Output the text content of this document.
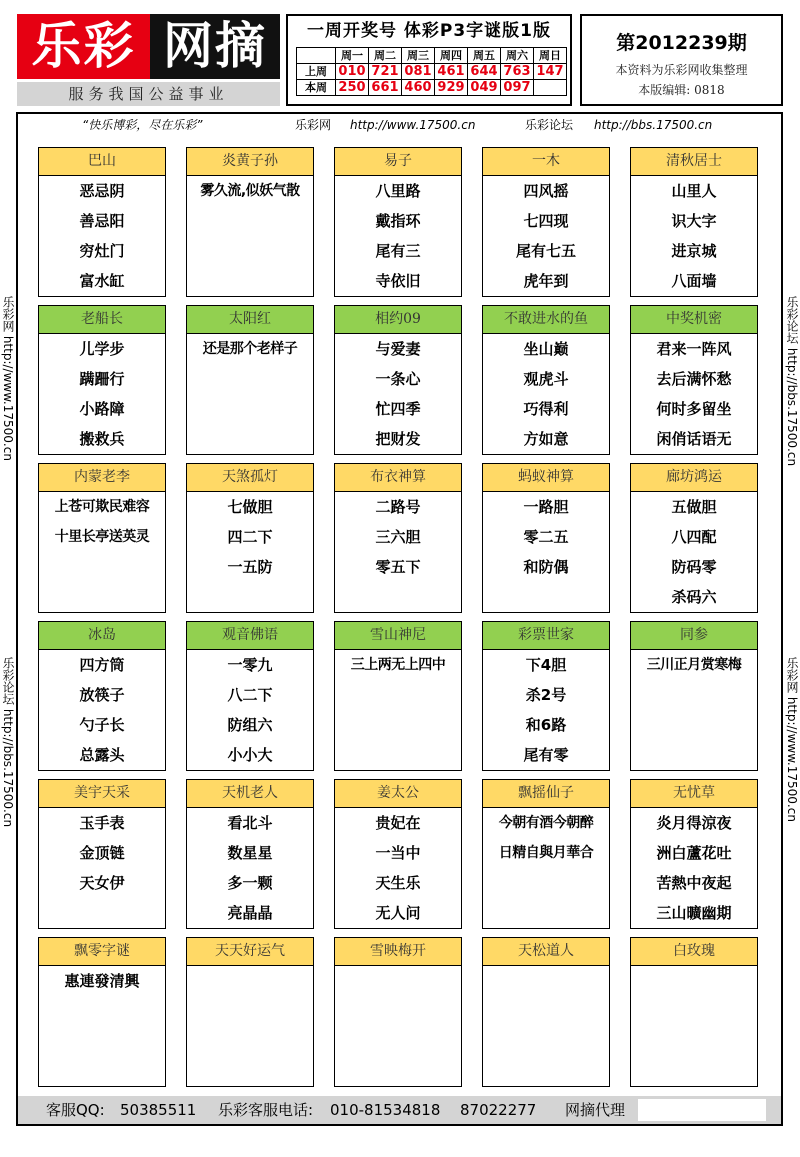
乐彩 网摘
服务我国公益事业
一周开奖号 体彩P3字谜版1版
	周一	周二	周三	周四	周五	周六	周日
上周	010	721	081	461	644	763	147
本周	250	661	460	929	049	097	
第2012239期
本资料为乐彩网收集整理
本版编辑: 0818
“快乐博彩，尽在乐彩”	乐彩网 http://www.17500.cn	乐彩论坛 http://bbs.17500.cn
巴山
恶忌阴
善忌阳
穷灶门
富水缸
炎黄子孙
雾久流,似妖气散
易子
八里路
戴指环
尾有三
寺依旧
一木
四风摇
七四现
尾有七五
虎年到
清秋居士
山里人
识大字
进京城
八面墙
老船长
儿学步
蹒跚行
小路障
搬救兵
太阳红
还是那个老样子
相约09
与爱妻
一条心
忙四季
把财发
不敢进水的鱼
坐山巅
观虎斗
巧得利
方如意
中奖机密
君来一阵风
去后满怀愁
何时多留坐
闲俏话语无
内蒙老李
上苍可欺民难容
十里长亭送英灵
天煞孤灯
七做胆
四二下
一五防
布衣神算
二路号
三六胆
零五下
蚂蚁神算
一路胆
零二五
和防偶
廊坊鸿运
五做胆
八四配
防码零
杀码六
冰岛
四方筒
放筷子
勺子长
总露头
观音佛语
一零九
八二下
防组六
小小大
雪山神尼
三上两无上四中
彩票世家
下4胆
杀2号
和6路
尾有零
同参
三川正月赏寒梅
美宇天采
玉手表
金顶链
天女伊
天机老人
看北斗
数星星
多一颗
亮晶晶
姜太公
贵妃在
一当中
天生乐
无人问
飘摇仙子
今朝有酒今朝醉
日精自與月華合
无忧草
炎月得涼夜
洲白蘆花吐
苦熱中夜起
三山曠幽期
飘零字谜
惠連發清興
天天好运气	雪映梅开	天松道人	白玫瑰
客服QQ: 50385511 乐彩客服电话: 010-81534818 87022277 网摘代理
乐彩网 http://www.17500.cn
乐彩论坛 http://bbs.17500.cn
乐彩论坛 http://bbs.17500.cn
乐彩网 http://www.17500.cn
